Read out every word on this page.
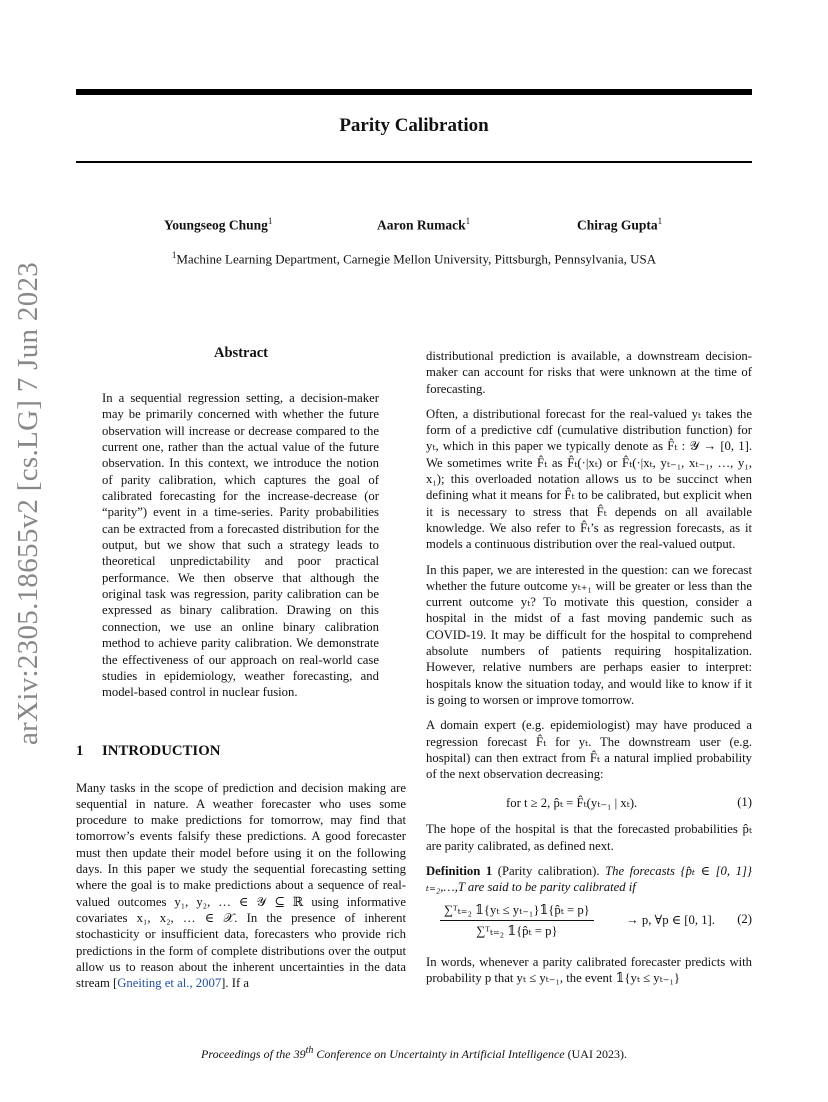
Parity Calibration
Youngseog Chung$^1$	Aaron Rumack$^1$	Chirag Gupta$^1$
$^1$Machine Learning Department, Carnegie Mellon University, Pittsburgh, Pennsylvania, USA
arXiv:2305.18655v2 [cs.LG] 7 Jun 2023	Abstract

In a sequential regression setting, a decision-maker may be primarily concerned with whether the future observation will increase or decrease compared to the current one, rather than the actual value of the future observation. In this context, we introduce the notion of parity calibration, which captures the goal of calibrated forecasting for the increase-decrease (or “parity”) event in a time-series. Parity probabilities can be extracted from a forecasted distribution for the output, but we show that such a strategy leads to theoretical unpredictability and poor practical performance. We then observe that although the original task was regression, parity calibration can be expressed as binary calibration. Drawing on this connection, we use an online binary calibration method to achieve parity calibration. We demonstrate the effectiveness of our approach on real-world case studies in epidemiology, weather forecasting, and model-based control in nuclear fusion.

1 INTRODUCTION

Many tasks in the scope of prediction and decision making are sequential in nature. A weather forecaster who uses some procedure to make predictions for tomorrow, may find that tomorrow’s events falsify these predictions. A good forecaster must then update their model before using it on the following days. In this paper we study the sequential forecasting setting where the goal is to make predictions about a sequence of real-valued outcomes y₁, y₂, … ∈ 𝒴 ⊆ ℝ using informative covariates x₁, x₂, … ∈ 𝒳. In the presence of inherent stochasticity or insufficient data, forecasters who provide rich predictions in the form of complete distributions over the output allow us to reason about the inherent uncertainties in the data stream [Gneiting et al., 2007]. If a

distributional prediction is available, a downstream decision-maker can account for risks that were unknown at the time of forecasting.

Often, a distributional forecast for the real-valued yₜ takes the form of a predictive cdf (cumulative distribution function) for yₜ, which in this paper we typically denote as F̂ₜ : 𝒴 → [0, 1]. We sometimes write F̂ₜ as F̂ₜ(·|xₜ) or F̂ₜ(·|xₜ, yₜ₋₁, xₜ₋₁, …, y₁, x₁); this overloaded notation allows us to be succinct when defining what it means for F̂ₜ to be calibrated, but explicit when it is necessary to stress that F̂ₜ depends on all available knowledge. We also refer to F̂ₜ’s as regression forecasts, as it models a continuous distribution over the real-valued output.

In this paper, we are interested in the question: can we forecast whether the future outcome yₜ₊₁ will be greater or less than the current outcome yₜ? To motivate this question, consider a hospital in the midst of a fast moving pandemic such as COVID-19. It may be difficult for the hospital to comprehend absolute numbers of patients requiring hospitalization. However, relative numbers are perhaps easier to interpret: hospitals know the situation today, and would like to know if it is going to worsen or improve tomorrow.

A domain expert (e.g. epidemiologist) may have produced a regression forecast F̂ₜ for yₜ. The downstream user (e.g. hospital) can then extract from F̂ₜ a natural implied probability of the next observation decreasing:

for t ≥ 2, p̂ₜ = F̂ₜ(yₜ₋₁ | xₜ).	(1)

The hope of the hospital is that the forecasted probabilities p̂ₜ are parity calibrated, as defined next.

Definition 1 (Parity calibration). The forecasts {p̂ₜ ∈ [0, 1]}ₜ₌₂,…,T are said to be parity calibrated if

$\frac{\text{∑ᵀₜ₌₂ 𝟙\{yₜ ≤ yₜ₋₁\}𝟙\{p̂ₜ = p\}}}{\text{∑ᵀₜ₌₂ 𝟙\{p̂ₜ = p\}}}$	→ p, ∀p ∈ [0, 1]. (2)

In words, whenever a parity calibrated forecaster predicts with probability p that yₜ ≤ yₜ₋₁, the event 𝟙{yₜ ≤ yₜ₋₁}

Proceedings of the 39th Conference on Uncertainty in Artificial Intelligence (UAI 2023).
